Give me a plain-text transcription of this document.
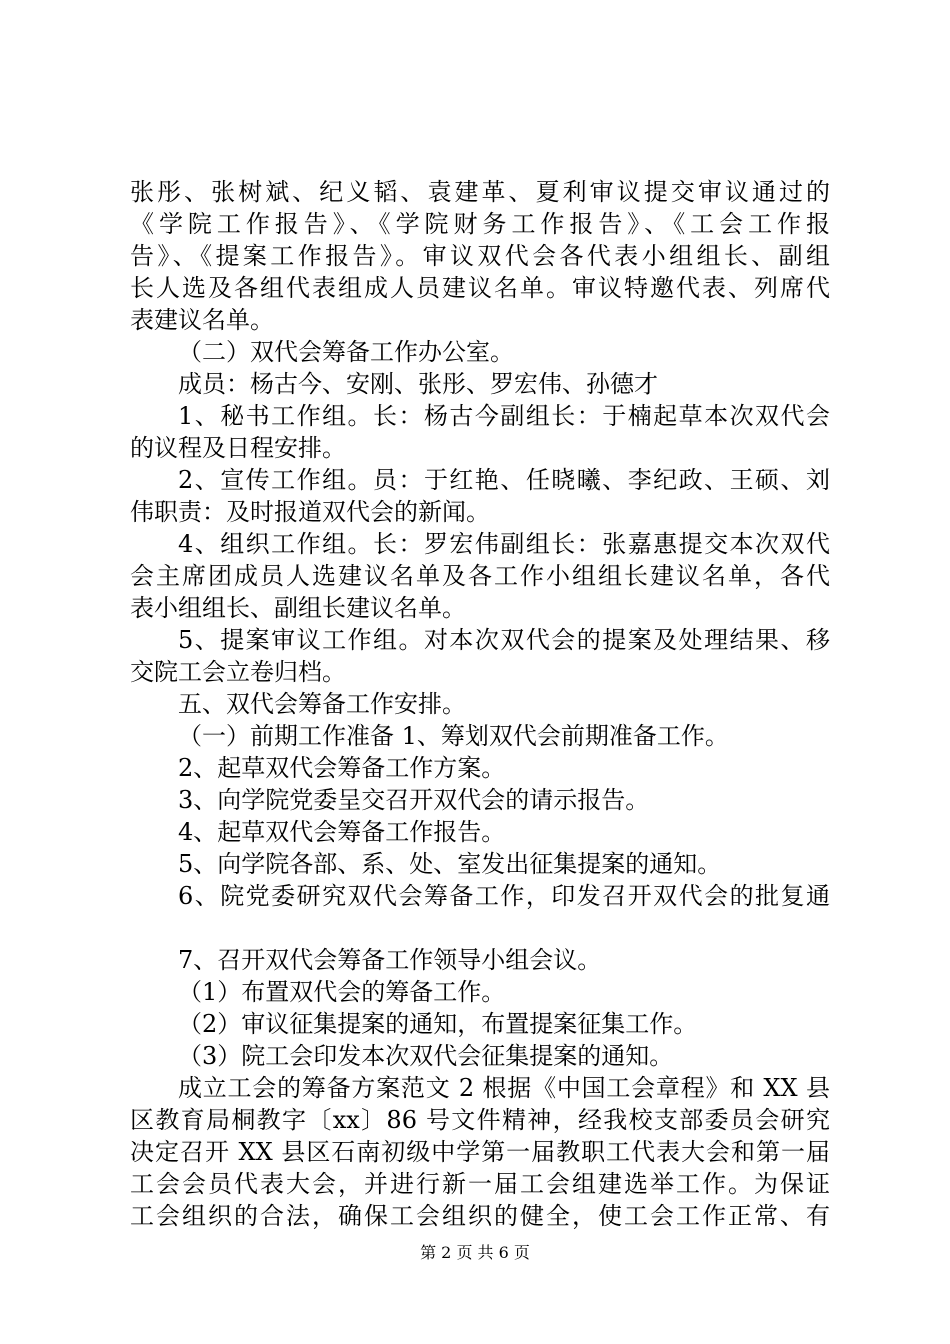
张彤、张树斌、纪义韬、袁建革、夏利审议提交审议通过的

《学院工作报告》、《学院财务工作报告》、《工会工作报

告》、《提案工作报告》。审议双代会各代表小组组长、副组

长人选及各组代表组成人员建议名单。审议特邀代表、列席代

表建议名单。

（二）双代会筹备工作办公室。

成员：杨古今、安刚、张彤、罗宏伟、孙德才

1、秘书工作组。长：杨古今副组长：于楠起草本次双代会

的议程及日程安排。

2、宣传工作组。员：于红艳、任晓曦、李纪政、王硕、刘

伟职责：及时报道双代会的新闻。

4、组织工作组。长：罗宏伟副组长：张嘉惠提交本次双代

会主席团成员人选建议名单及各工作小组组长建议名单，各代

表小组组长、副组长建议名单。

5、提案审议工作组。对本次双代会的提案及处理结果、移

交院工会立卷归档。

五、双代会筹备工作安排。

（一）前期工作准备 1、筹划双代会前期准备工作。

2、起草双代会筹备工作方案。

3、向学院党委呈交召开双代会的请示报告。

4、起草双代会筹备工作报告。

5、向学院各部、系、处、室发出征集提案的通知。

6、院党委研究双代会筹备工作，印发召开双代会的批复通

7、召开双代会筹备工作领导小组会议。

（1）布置双代会的筹备工作。

（2）审议征集提案的通知，布置提案征集工作。

（3）院工会印发本次双代会征集提案的通知。

成立工会的筹备方案范文 2 根据《中国工会章程》和 XX 县

区教育局桐教字〔xx〕86 号文件精神，经我校支部委员会研究

决定召开 XX 县区石南初级中学第一届教职工代表大会和第一届

工会会员代表大会，并进行新一届工会组建选举工作。为保证

工会组织的合法，确保工会组织的健全，使工会工作正常、有

第 2 页 共 6 页
